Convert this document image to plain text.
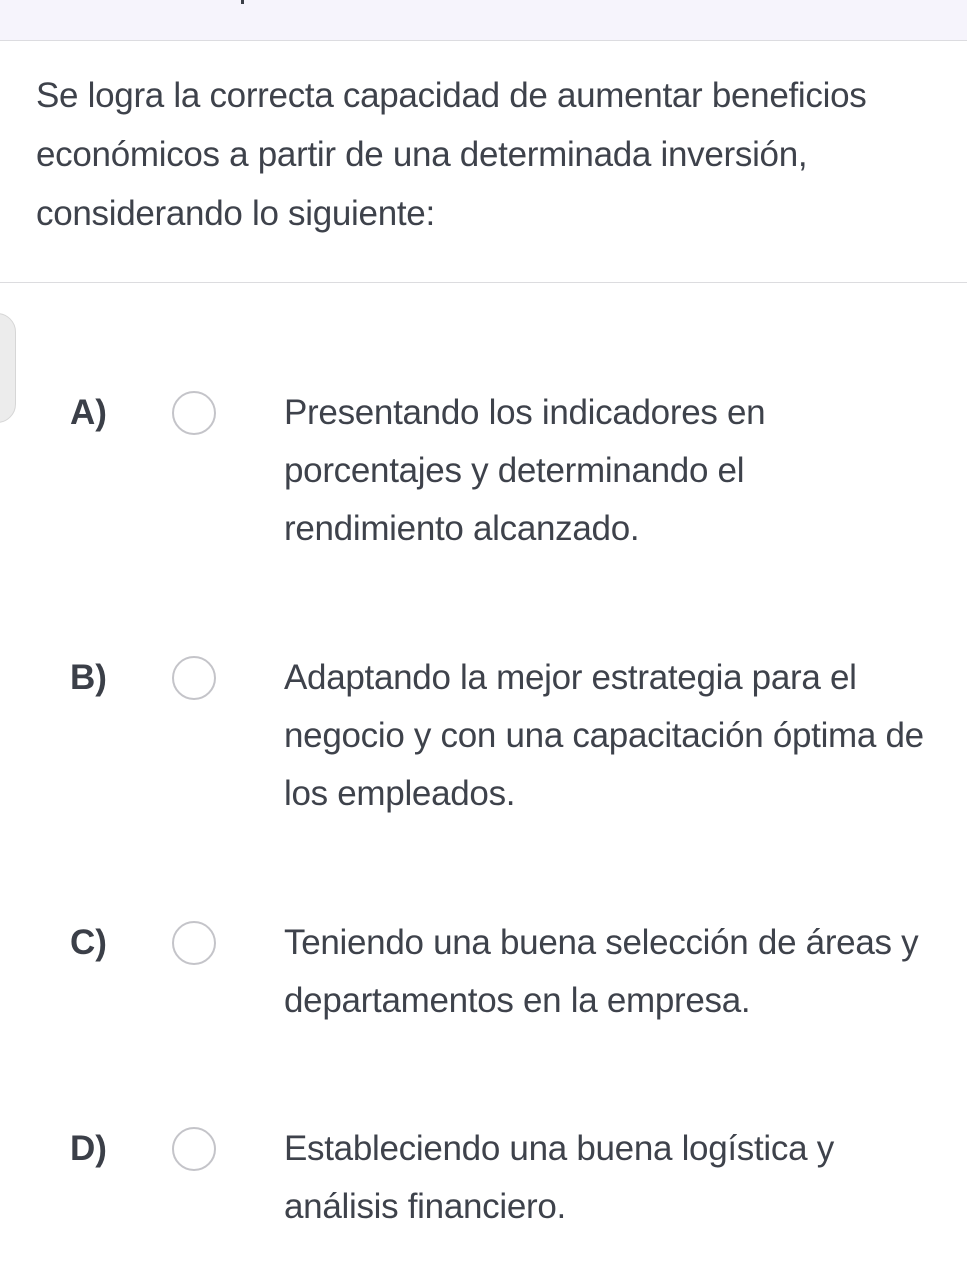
Se logra la correcta capacidad de aumentar beneficios económicos a partir de una determinada inversión, considerando lo siguiente:
A)	Presentando los indicadores en porcentajes y determinando el rendimiento alcanzado.
B)	Adaptando la mejor estrategia para el negocio y con una capacitación óptima de los empleados.
C)	Teniendo una buena selección de áreas y departamentos en la empresa.
D)	Estableciendo una buena logística y análisis financiero.
